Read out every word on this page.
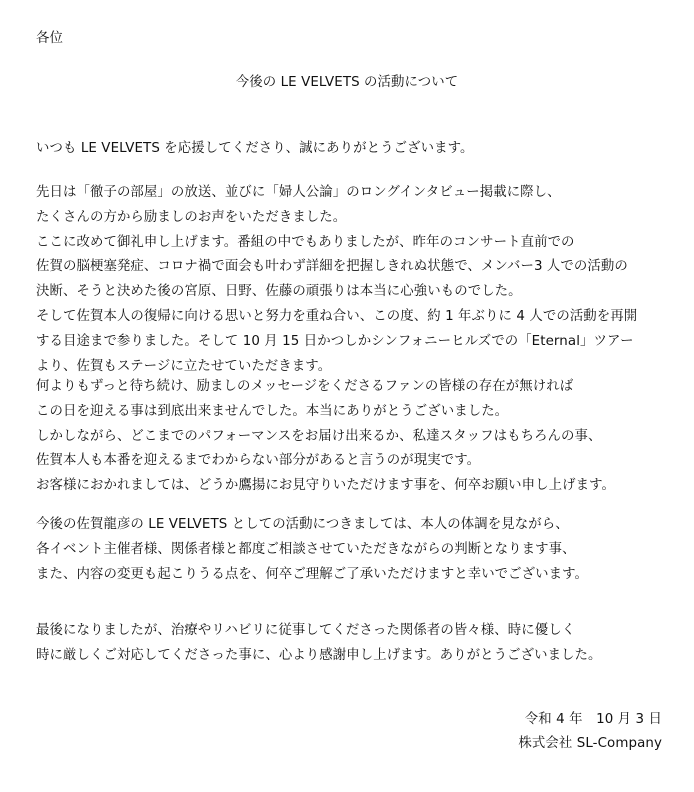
各位
今後の LE VELVETS の活動について
いつも LE VELVETS を応援してくださり、誠にありがとうございます。
先日は「徹子の部屋」の放送、並びに「婦人公論」のロングインタビュー掲載に際し、
たくさんの方から励ましのお声をいただきました。
ここに改めて御礼申し上げます。番組の中でもありましたが、昨年のコンサート直前での
佐賀の脳梗塞発症、コロナ禍で面会も叶わず詳細を把握しきれぬ状態で、メンバー3 人での活動の
決断、そうと決めた後の宮原、日野、佐藤の頑張りは本当に心強いものでした。
そして佐賀本人の復帰に向ける思いと努力を重ね合い、この度、約 1 年ぶりに 4 人での活動を再開
する目途まで参りました。そして 10 月 15 日かつしかシンフォニーヒルズでの「Eternal」ツアー
より、佐賀もステージに立たせていただきます。
何よりもずっと待ち続け、励ましのメッセージをくださるファンの皆様の存在が無ければ
この日を迎える事は到底出来ませんでした。本当にありがとうございました。
しかしながら、どこまでのパフォーマンスをお届け出来るか、私達スタッフはもちろんの事、
佐賀本人も本番を迎えるまでわからない部分があると言うのが現実です。
お客様におかれましては、どうか鷹揚にお見守りいただけます事を、何卒お願い申し上げます。
今後の佐賀龍彦の LE VELVETS としての活動につきましては、本人の体調を見ながら、
各イベント主催者様、関係者様と都度ご相談させていただきながらの判断となります事、
また、内容の変更も起こりうる点を、何卒ご理解ご了承いただけますと幸いでございます。
最後になりましたが、治療やリハビリに従事してくださった関係者の皆々様、時に優しく
時に厳しくご対応してくださった事に、心より感謝申し上げます。ありがとうございました。
令和 4 年　10 月 3 日
株式会社 SL-Company
